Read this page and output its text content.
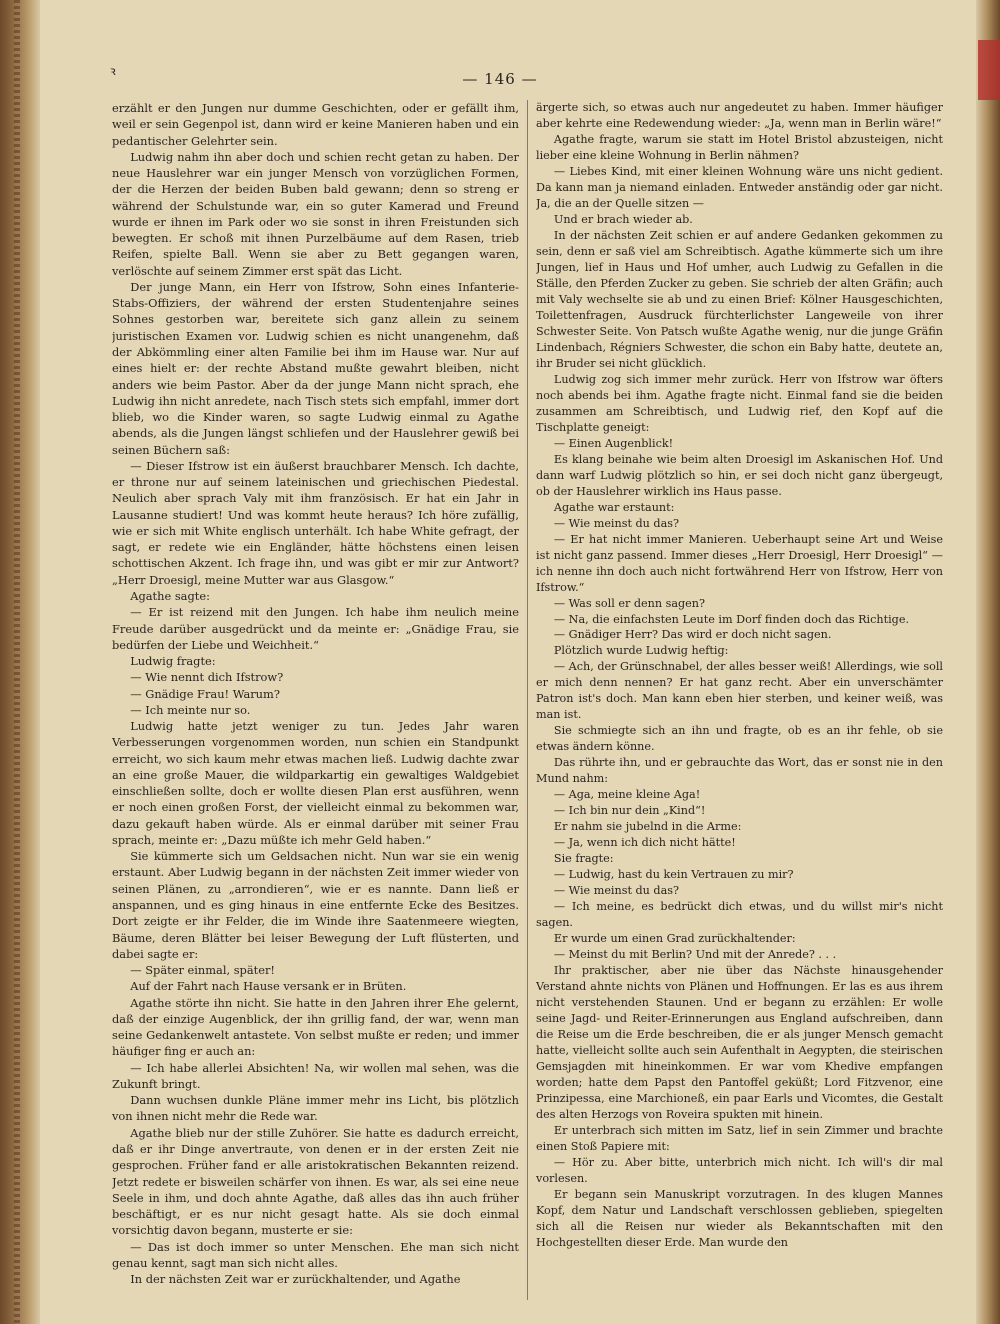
ꝛ	— 146 —

erzählt er den Jungen nur dumme Geschichten, oder er gefällt ihm, weil er sein Gegenpol ist, dann wird er keine Manieren haben und ein pedantischer Gelehrter sein.

Ludwig nahm ihn aber doch und schien recht getan zu haben. Der neue Hauslehrer war ein junger Mensch von vorzüglichen Formen, der die Herzen der beiden Buben bald gewann; denn so streng er während der Schulstunde war, ein so guter Kamerad und Freund wurde er ihnen im Park oder wo sie sonst in ihren Freistunden sich bewegten. Er schoß mit ihnen Purzelbäume auf dem Rasen, trieb Reifen, spielte Ball. Wenn sie aber zu Bett gegangen waren, verlöschte auf seinem Zimmer erst spät das Licht.

Der junge Mann, ein Herr von Ifstrow, Sohn eines Infanterie-Stabs-Offiziers, der während der ersten Studentenjahre seines Sohnes gestorben war, bereitete sich ganz allein zu seinem juristischen Examen vor. Ludwig schien es nicht unangenehm, daß der Abkömmling einer alten Familie bei ihm im Hause war. Nur auf eines hielt er: der rechte Abstand mußte gewahrt bleiben, nicht anders wie beim Pastor. Aber da der junge Mann nicht sprach, ehe Ludwig ihn nicht anredete, nach Tisch stets sich empfahl, immer dort blieb, wo die Kinder waren, so sagte Ludwig einmal zu Agathe abends, als die Jungen längst schliefen und der Hauslehrer gewiß bei seinen Büchern saß:

— Dieser Ifstrow ist ein äußerst brauchbarer Mensch. Ich dachte, er throne nur auf seinem lateinischen und griechischen Piedestal. Neulich aber sprach Valy mit ihm französisch. Er hat ein Jahr in Lausanne studiert! Und was kommt heute heraus? Ich höre zufällig, wie er sich mit White englisch unterhält. Ich habe White gefragt, der sagt, er redete wie ein Engländer, hätte höchstens einen leisen schottischen Akzent. Ich frage ihn, und was gibt er mir zur Antwort? „Herr Droesigl, meine Mutter war aus Glasgow.“

Agathe sagte:

— Er ist reizend mit den Jungen. Ich habe ihm neulich meine Freude darüber ausgedrückt und da meinte er: „Gnädige Frau, sie bedürfen der Liebe und Weichheit.“

Ludwig fragte:

— Wie nennt dich Ifstrow?

— Gnädige Frau! Warum?

— Ich meinte nur so.

Ludwig hatte jetzt weniger zu tun. Jedes Jahr waren Verbesserungen vorgenommen worden, nun schien ein Standpunkt erreicht, wo sich kaum mehr etwas machen ließ. Ludwig dachte zwar an eine große Mauer, die wildparkartig ein gewaltiges Waldgebiet einschließen sollte, doch er wollte diesen Plan erst ausführen, wenn er noch einen großen Forst, der vielleicht einmal zu bekommen war, dazu gekauft haben würde. Als er einmal darüber mit seiner Frau sprach, meinte er: „Dazu müßte ich mehr Geld haben.“

Sie kümmerte sich um Geldsachen nicht. Nun war sie ein wenig erstaunt. Aber Ludwig begann in der nächsten Zeit immer wieder von seinen Plänen, zu „arrondieren“, wie er es nannte. Dann ließ er anspannen, und es ging hinaus in eine entfernte Ecke des Besitzes. Dort zeigte er ihr Felder, die im Winde ihre Saatenmeere wiegten, Bäume, deren Blätter bei leiser Bewegung der Luft flüsterten, und dabei sagte er:

— Später einmal, später!

Auf der Fahrt nach Hause versank er in Brüten.

Agathe störte ihn nicht. Sie hatte in den Jahren ihrer Ehe gelernt, daß der einzige Augenblick, der ihn grillig fand, der war, wenn man seine Gedankenwelt antastete. Von selbst mußte er reden; und immer häufiger fing er auch an:

— Ich habe allerlei Absichten! Na, wir wollen mal sehen, was die Zukunft bringt.

Dann wuchsen dunkle Pläne immer mehr ins Licht, bis plötzlich von ihnen nicht mehr die Rede war.

Agathe blieb nur der stille Zuhörer. Sie hatte es dadurch erreicht, daß er ihr Dinge anvertraute, von denen er in der ersten Zeit nie gesprochen. Früher fand er alle aristokratischen Bekannten reizend. Jetzt redete er bisweilen schärfer von ihnen. Es war, als sei eine neue Seele in ihm, und doch ahnte Agathe, daß alles das ihn auch früher beschäftigt, er es nur nicht gesagt hatte. Als sie doch einmal vorsichtig davon begann, musterte er sie:

— Das ist doch immer so unter Menschen. Ehe man sich nicht genau kennt, sagt man sich nicht alles.

In der nächsten Zeit war er zurückhaltender, und Agathe

ärgerte sich, so etwas auch nur angedeutet zu haben. Immer häufiger aber kehrte eine Redewendung wieder: „Ja, wenn man in Berlin wäre!“

Agathe fragte, warum sie statt im Hotel Bristol abzusteigen, nicht lieber eine kleine Wohnung in Berlin nähmen?

— Liebes Kind, mit einer kleinen Wohnung wäre uns nicht gedient. Da kann man ja niemand einladen. Entweder anständig oder gar nicht. Ja, die an der Quelle sitzen —

Und er brach wieder ab.

In der nächsten Zeit schien er auf andere Gedanken gekommen zu sein, denn er saß viel am Schreibtisch. Agathe kümmerte sich um ihre Jungen, lief in Haus und Hof umher, auch Ludwig zu Gefallen in die Ställe, den Pferden Zucker zu geben. Sie schrieb der alten Gräfin; auch mit Valy wechselte sie ab und zu einen Brief: Kölner Hausgeschichten, Toilettenfragen, Ausdruck fürchterlichster Langeweile von ihrer Schwester Seite. Von Patsch wußte Agathe wenig, nur die junge Gräfin Lindenbach, Régniers Schwester, die schon ein Baby hatte, deutete an, ihr Bruder sei nicht glücklich.

Ludwig zog sich immer mehr zurück. Herr von Ifstrow war öfters noch abends bei ihm. Agathe fragte nicht. Einmal fand sie die beiden zusammen am Schreibtisch, und Ludwig rief, den Kopf auf die Tischplatte geneigt:

— Einen Augenblick!

Es klang beinahe wie beim alten Droesigl im Askanischen Hof. Und dann warf Ludwig plötzlich so hin, er sei doch nicht ganz übergeugt, ob der Hauslehrer wirklich ins Haus passe.

Agathe war erstaunt:

— Wie meinst du das?

— Er hat nicht immer Manieren. Ueberhaupt seine Art und Weise ist nicht ganz passend. Immer dieses „Herr Droesigl, Herr Droesigl“ — ich nenne ihn doch auch nicht fortwährend Herr von Ifstrow, Herr von Ifstrow.“

— Was soll er denn sagen?

— Na, die einfachsten Leute im Dorf finden doch das Richtige.

— Gnädiger Herr? Das wird er doch nicht sagen.

Plötzlich wurde Ludwig heftig:

— Ach, der Grünschnabel, der alles besser weiß! Allerdings, wie soll er mich denn nennen? Er hat ganz recht. Aber ein unverschämter Patron ist's doch. Man kann eben hier sterben, und keiner weiß, was man ist.

Sie schmiegte sich an ihn und fragte, ob es an ihr fehle, ob sie etwas ändern könne.

Das rührte ihn, und er gebrauchte das Wort, das er sonst nie in den Mund nahm:

— Aga, meine kleine Aga!

— Ich bin nur dein „Kind“!

Er nahm sie jubelnd in die Arme:

— Ja, wenn ich dich nicht hätte!

Sie fragte:

— Ludwig, hast du kein Vertrauen zu mir?

— Wie meinst du das?

— Ich meine, es bedrückt dich etwas, und du willst mir's nicht sagen.

Er wurde um einen Grad zurückhaltender:

— Meinst du mit Berlin? Und mit der Anrede? . . .

Ihr praktischer, aber nie über das Nächste hinausgehender Verstand ahnte nichts von Plänen und Hoffnungen. Er las es aus ihrem nicht verstehenden Staunen. Und er begann zu erzählen: Er wolle seine Jagd- und Reiter-Erinnerungen aus England aufschreiben, dann die Reise um die Erde beschreiben, die er als junger Mensch gemacht hatte, vielleicht sollte auch sein Aufenthalt in Aegypten, die steirischen Gemsjagden mit hineinkommen. Er war vom Khedive empfangen worden; hatte dem Papst den Pantoffel geküßt; Lord Fitzvenor, eine Prinzipessa, eine Marchioneß, ein paar Earls und Vicomtes, die Gestalt des alten Herzogs von Roveira spukten mit hinein.

Er unterbrach sich mitten im Satz, lief in sein Zimmer und brachte einen Stoß Papiere mit:

— Hör zu. Aber bitte, unterbrich mich nicht. Ich will's dir mal vorlesen.

Er begann sein Manuskript vorzutragen. In des klugen Mannes Kopf, dem Natur und Landschaft verschlossen geblieben, spiegelten sich all die Reisen nur wieder als Bekanntschaften mit den Hochgestellten dieser Erde. Man wurde den
